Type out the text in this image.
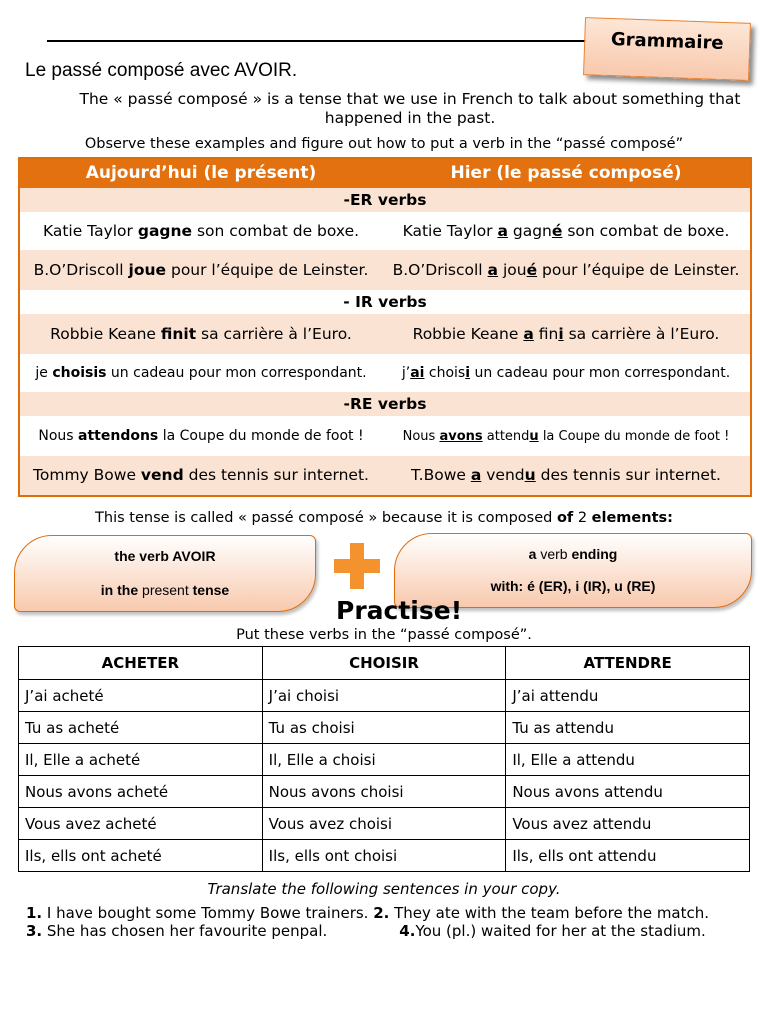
Grammaire
Le passé composé avec AVOIR.
The « passé composé » is a tense that we use in French to talk about something that happened in the past.
Observe these examples and figure out how to put a verb in the “passé composé”
Aujourd’hui (le présent)	Hier (le passé composé)
-ER verbs	
Katie Taylor gagne son combat de boxe.	Katie Taylor a gagné son combat de boxe.
B.O’Driscoll joue pour l’équipe de Leinster.	B.O’Driscoll a joué pour l’équipe de Leinster.
- IR verbs	
Robbie Keane finit sa carrière à l’Euro.	Robbie Keane a fini sa carrière à l’Euro.
je choisis un cadeau pour mon correspondant.	j’ai choisi un cadeau pour mon correspondant.
-RE verbs	
Nous attendons la Coupe du monde de foot !	Nous avons attendu la Coupe du monde de foot !
Tommy Bowe vend des tennis sur internet.	T.Bowe a vendu des tennis sur internet.
This tense is called « passé composé » because it is composed of 2 elements:
the verb AVOIR
in the present tense
a verb ending
with: é (ER), i (IR), u (RE)
Practise!
Put these verbs in the “passé composé”.
ACHETER	CHOISIR	ATTENDRE
J’ai acheté	J’ai choisi	J’ai attendu
Tu as acheté	Tu as choisi	Tu as attendu
Il, Elle a acheté	Il, Elle a choisi	Il, Elle a attendu
Nous avons acheté	Nous avons choisi	Nous avons attendu
Vous avez acheté	Vous avez choisi	Vous avez attendu
Ils, ells ont acheté	Ils, ells ont choisi	Ils, ells ont attendu
Translate the following sentences in your copy.

1. I have bought some Tommy Bowe trainers. 2. They ate with the team before the match.

3. She has chosen her favourite penpal.	4.You (pl.) waited for her at the stadium.
